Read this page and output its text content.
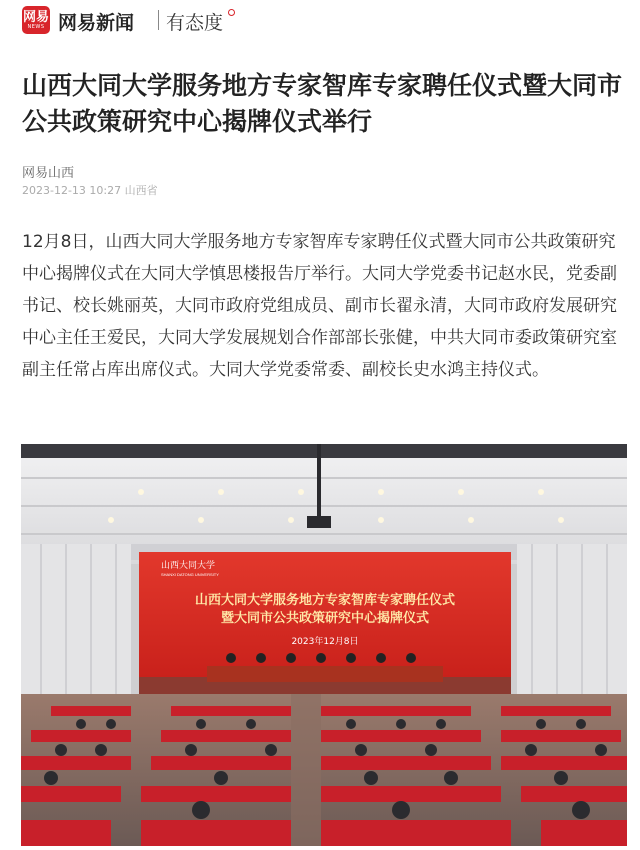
网易
NEWS 网易新闻 有态度
山西大同大学服务地方专家智库专家聘任仪式暨大同市公共政策研究中心揭牌仪式举行
网易山西
2023-12-13 10:27 山西省

12月8日，山西大同大学服务地方专家智库专家聘任仪式暨大同市公共政策研究中心揭牌仪式在大同大学慎思楼报告厅举行。大同大学党委书记赵水民，党委副书记、校长姚丽英，大同市政府党组成员、副市长翟永清，大同市政府发展研究中心主任王爱民，大同大学发展规划合作部部长张健，中共大同市委政策研究室副主任常占库出席仪式。大同大学党委常委、副校长史水鸿主持仪式。

山西大同大学
SHANXI DATONG UNIVERSITY
山西大同大学服务地方专家智库专家聘任仪式
暨大同市公共政策研究中心揭牌仪式
2023年12月8日
